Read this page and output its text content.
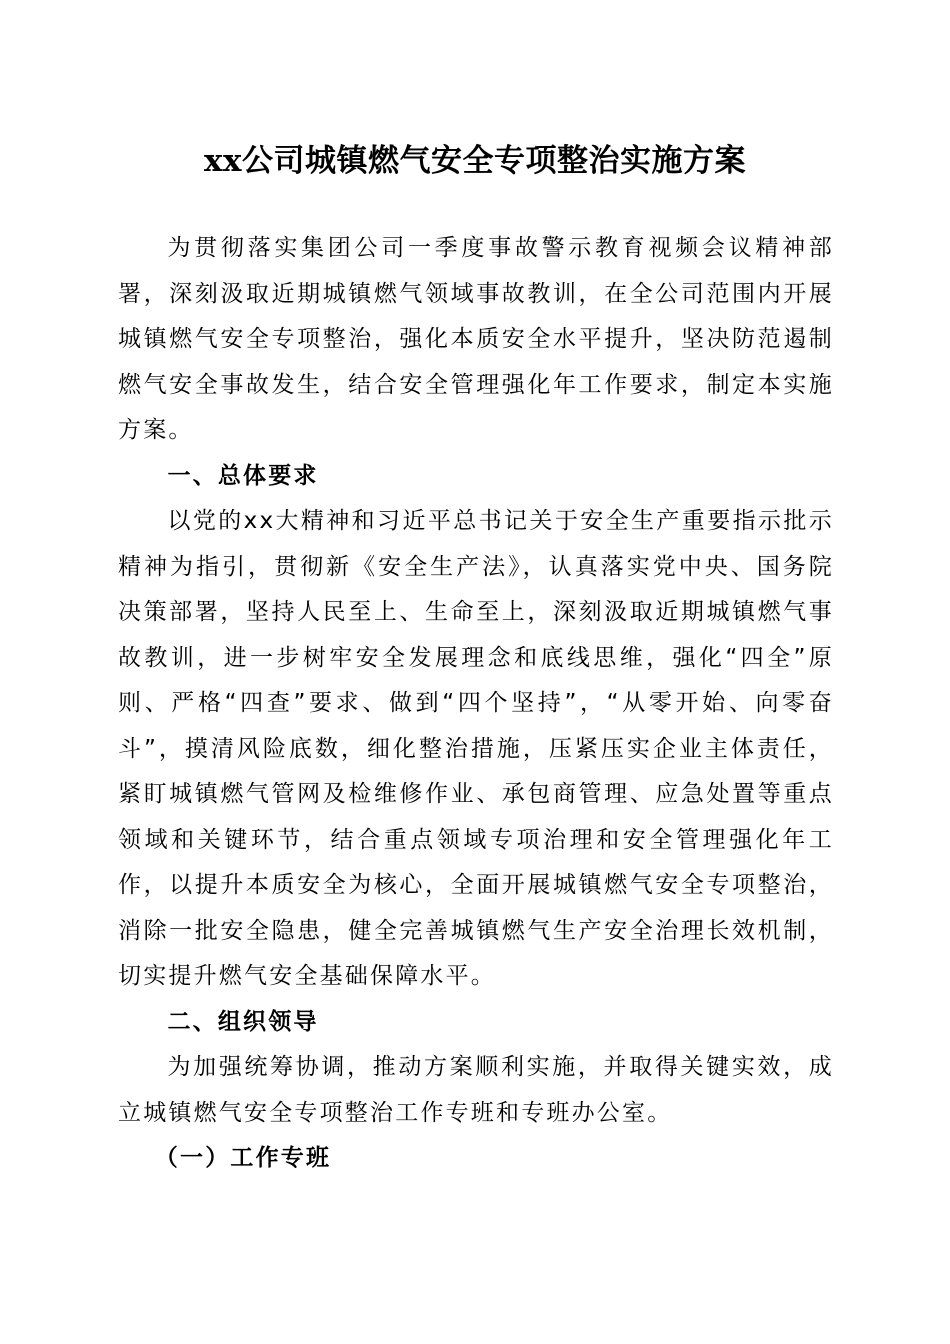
xx公司城镇燃气安全专项整治实施方案

为贯彻落实集团公司一季度事故警示教育视频会议精神部署，深刻汲取近期城镇燃气领域事故教训，在全公司范围内开展城镇燃气安全专项整治，强化本质安全水平提升，坚决防范遏制燃气安全事故发生，结合安全管理强化年工作要求，制定本实施方案。

一、总体要求

以党的xx大精神和习近平总书记关于安全生产重要指示批示精神为指引，贯彻新《安全生产法》，认真落实党中央、国务院决策部署，坚持人民至上、生命至上，深刻汲取近期城镇燃气事故教训，进一步树牢安全发展理念和底线思维，强化“四全”原则、严格“四查”要求、做到“四个坚持”，“从零开始、向零奋斗”，摸清风险底数，细化整治措施，压紧压实企业主体责任，紧盯城镇燃气管网及检维修作业、承包商管理、应急处置等重点领域和关键环节，结合重点领域专项治理和安全管理强化年工作，以提升本质安全为核心，全面开展城镇燃气安全专项整治，消除一批安全隐患，健全完善城镇燃气生产安全治理长效机制，切实提升燃气安全基础保障水平。

二、组织领导

为加强统筹协调，推动方案顺利实施，并取得关键实效，成立城镇燃气安全专项整治工作专班和专班办公室。

（一）工作专班
